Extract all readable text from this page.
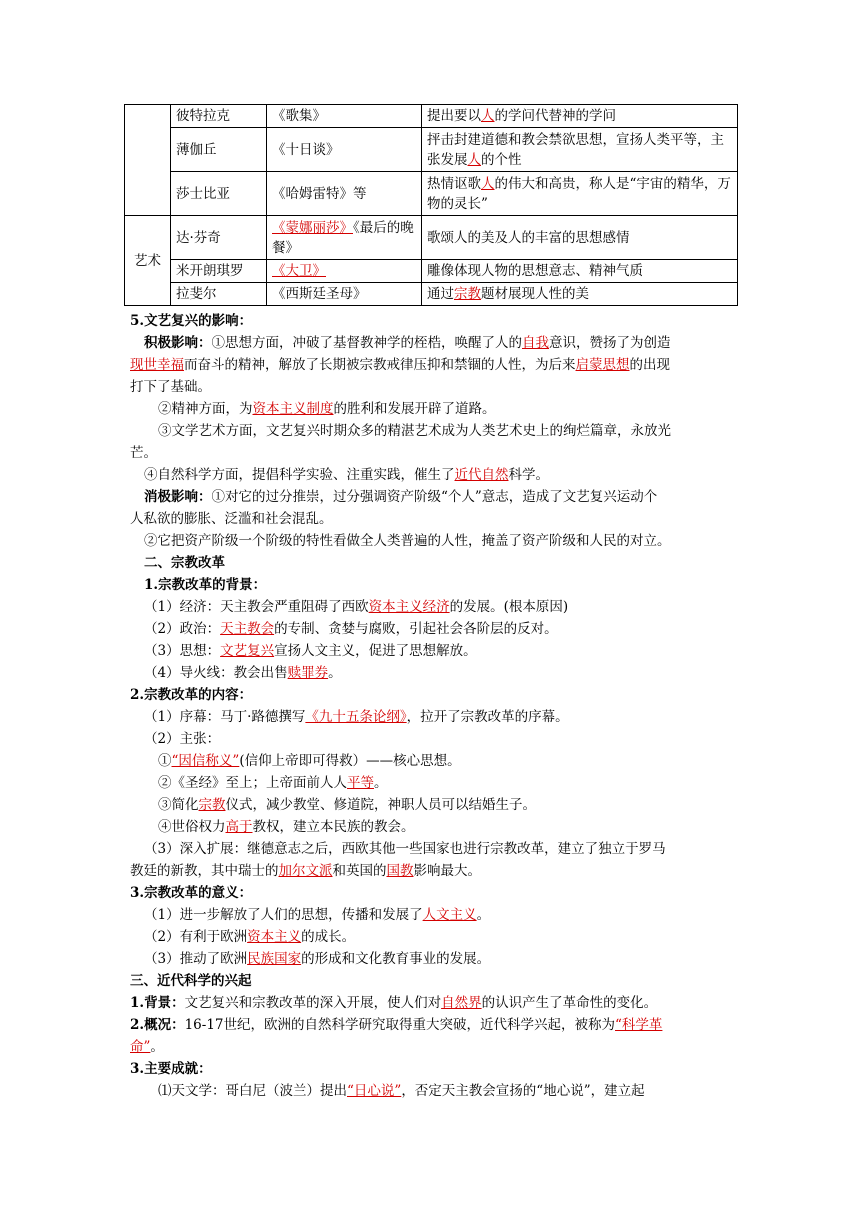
	彼特拉克	《歌集》	提出要以人的学问代替神的学问
	薄伽丘	《十日谈》	抨击封建道德和教会禁欲思想，宣扬人类平等，主张发展人的个性
	莎士比亚	《哈姆雷特》等	热情讴歌人的伟大和高贵，称人是“宇宙的精华，万物的灵长”
艺术	达·芬奇	《蒙娜丽莎》《最后的晚餐》	歌颂人的美及人的丰富的思想感情
	米开朗琪罗	《大卫》	雕像体现人物的思想意志、精神气质
	拉斐尔	《西斯廷圣母》	通过宗教题材展现人性的美
5.文艺复兴的影响：
积极影响：①思想方面，冲破了基督教神学的桎梏，唤醒了人的自我意识，赞扬了为创造
现世幸福而奋斗的精神，解放了长期被宗教戒律压抑和禁锢的人性，为后来启蒙思想的出现
打下了基础。
②精神方面，为资本主义制度的胜利和发展开辟了道路。
③文学艺术方面，文艺复兴时期众多的精湛艺术成为人类艺术史上的绚烂篇章，永放光
芒。
④自然科学方面，提倡科学实验、注重实践，催生了近代自然科学。
消极影响：①对它的过分推崇，过分强调资产阶级“个人”意志，造成了文艺复兴运动个
人私欲的膨胀、泛滥和社会混乱。
②它把资产阶级一个阶级的特性看做全人类普遍的人性，掩盖了资产阶级和人民的对立。
二、宗教改革
1.宗教改革的背景：
（1）经济：天主教会严重阻碍了西欧资本主义经济的发展。(根本原因)
（2）政治：天主教会的专制、贪婪与腐败，引起社会各阶层的反对。
（3）思想：文艺复兴宣扬人文主义，促进了思想解放。
（4）导火线：教会出售赎罪券。
2.宗教改革的内容：
（1）序幕：马丁·路德撰写《九十五条论纲》，拉开了宗教改革的序幕。
（2）主张：
①“因信称义”(信仰上帝即可得救）——核心思想。
②《圣经》至上；上帝面前人人平等。
③简化宗教仪式，减少教堂、修道院，神职人员可以结婚生子。
④世俗权力高于教权，建立本民族的教会。
（3）深入扩展：继德意志之后，西欧其他一些国家也进行宗教改革，建立了独立于罗马
教廷的新教，其中瑞士的加尔文派和英国的国教影响最大。
3.宗教改革的意义：
（1）进一步解放了人们的思想，传播和发展了人文主义。
（2）有利于欧洲资本主义的成长。
（3）推动了欧洲民族国家的形成和文化教育事业的发展。
三、近代科学的兴起
1.背景：文艺复兴和宗教改革的深入开展，使人们对自然界的认识产生了革命性的变化。
2.概况：16-17世纪，欧洲的自然科学研究取得重大突破，近代科学兴起，被称为“科学革
命”。
3.主要成就：
⑴天文学：哥白尼（波兰）提出“日心说”，否定天主教会宣扬的“地心说”，建立起
